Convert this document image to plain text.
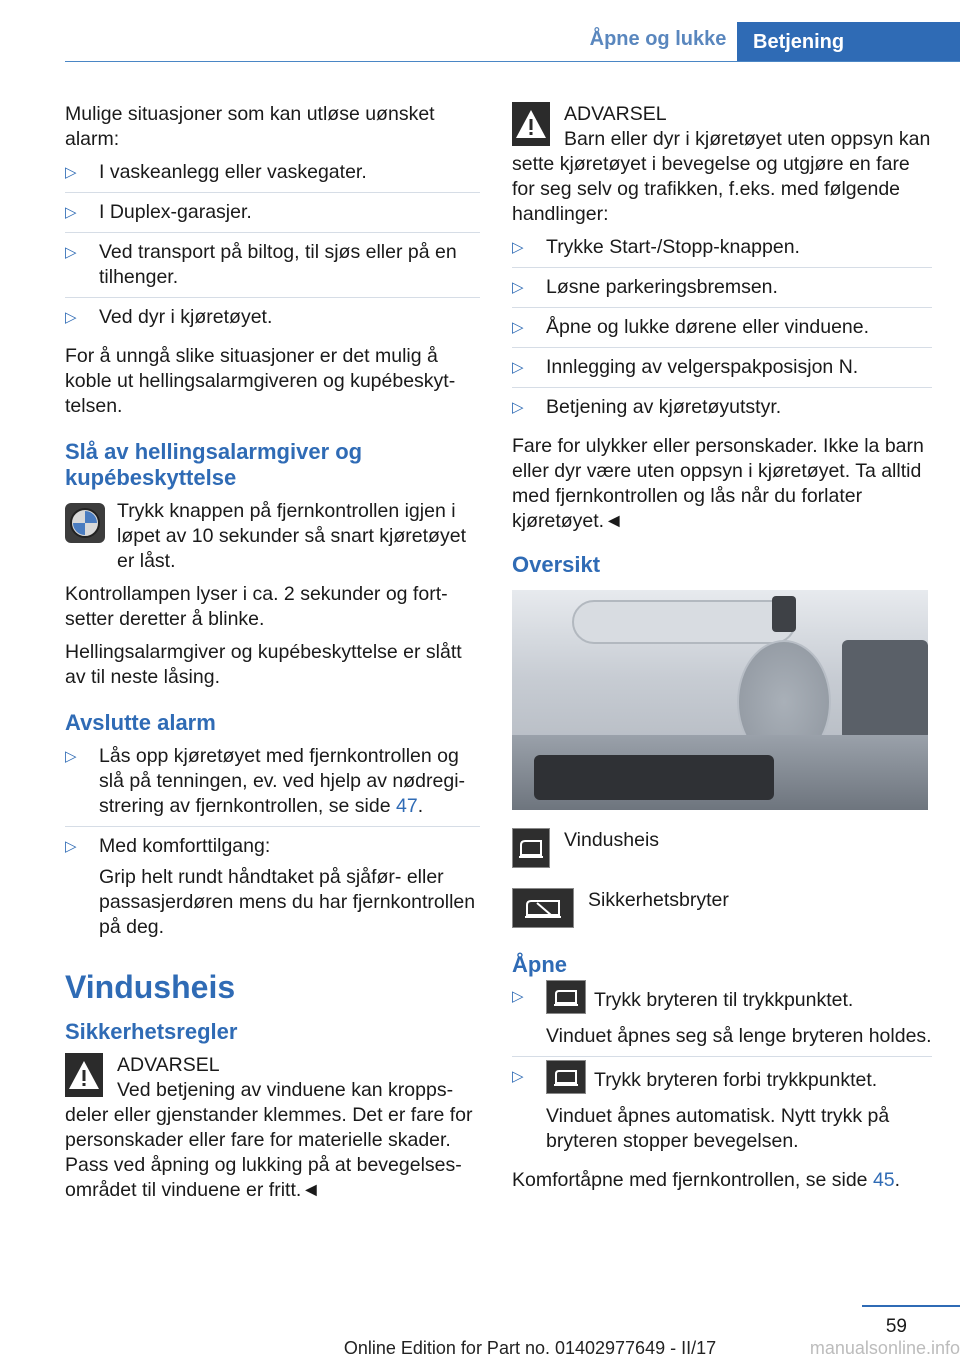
Åpne og lukke	Betjening

Mulige situasjoner som kan utløse uønsket alarm:

▷ I vaskeanlegg eller vaskegater.
▷ I Duplex-garasjer.
▷ Ved transport på biltog, til sjøs eller på en tilhenger.
▷ Ved dyr i kjøretøyet.

For å unngå slike situasjoner er det mulig å koble ut hellingsalarmgiveren og kupébeskyttelsen.

Slå av hellingsalarmgiver og kupébeskyttelse

Trykk knappen på fjernkontrollen igjen i løpet av 10 sekunder så snart kjøretøyet er låst.

Kontrollampen lyser i ca. 2 sekunder og fortsetter deretter å blinke.

Hellingsalarmgiver og kupébeskyttelse er slått av til neste låsing.

Avslutte alarm
▷ Lås opp kjøretøyet med fjernkontrollen og slå på tenningen, ev. ved hjelp av nødregistrering av fjernkontrollen, se side 47.
▷ Med komforttilgang:
Grip helt rundt håndtaket på sjåfør- eller passasjerdøren mens du har fjernkontrollen på deg.
Vindusheis
Sikkerhetsregler
ADVARSEL

Ved betjening av vinduene kan kroppsdeler eller gjenstander klemmes. Det er fare for personskader eller fare for materielle skader. Pass ved åpning og lukking på at bevegelsesområdet til vinduene er fritt.◄

ADVARSEL

Barn eller dyr i kjøretøyet uten oppsyn kan sette kjøretøyet i bevegelse og utgjøre en fare for seg selv og trafikken, f.eks. med følgende handlinger:

▷ Trykke Start-/Stopp-knappen.
▷ Løsne parkeringsbremsen.
▷ Åpne og lukke dørene eller vinduene.
▷ Innlegging av velgerspakposisjon N.
▷ Betjening av kjøretøyutstyr.

Fare for ulykker eller personskader. Ikke la barn eller dyr være uten oppsyn i kjøretøyet. Ta alltid med fjernkontrollen og lås når du forlater kjøretøyet.◄

Oversikt
Vindusheis
Sikkerhetsbryter
Åpne
▷	Trykk bryteren til trykkpunktet.
Vinduet åpnes seg så lenge bryteren holdes.
▷	Trykk bryteren forbi trykkpunktet.
Vinduet åpnes automatisk. Nytt trykk på bryteren stopper bevegelsen.

Komfortåpne med fjernkontrollen, se side 45.

59
Online Edition for Part no. 01402977649 - II/17	manualsonline.info
